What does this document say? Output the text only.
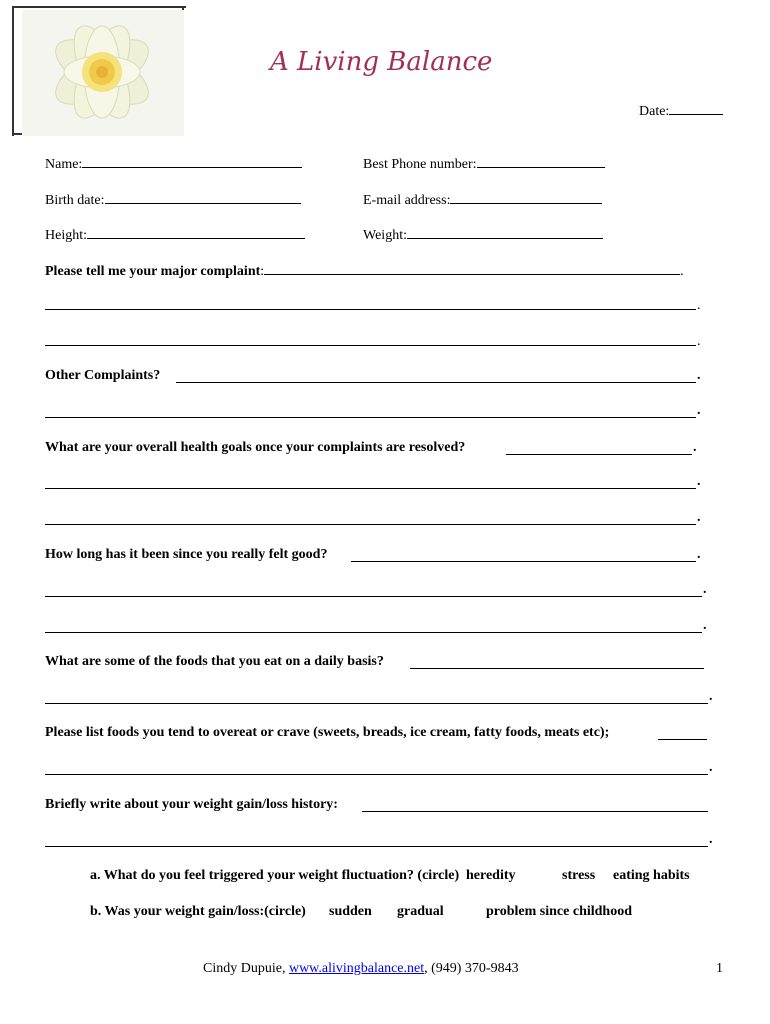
A Living Balance
Date:
Name:	Best Phone number:
Birth date:	E-mail address:
Height:	Weight:
Please tell me your major complaint:	.
.
.
Other Complaints?	.
.
What are your overall health goals once your complaints are resolved?	.
.
.
How long has it been since you really felt good?	.
.
.
What are some of the foods that you eat on a daily basis?
.
Please list foods you tend to overeat or crave (sweets, breads, ice cream, fatty foods, meats etc);
.
Briefly write about your weight gain/loss history:
.
a. What do you feel triggered your weight fluctuation? (circle) heredity	stress eating habits
b. Was your weight gain/loss:(circle) sudden gradual	problem since childhood
Cindy Dupuie, www.alivingbalance.net, (949) 370-9843	1
